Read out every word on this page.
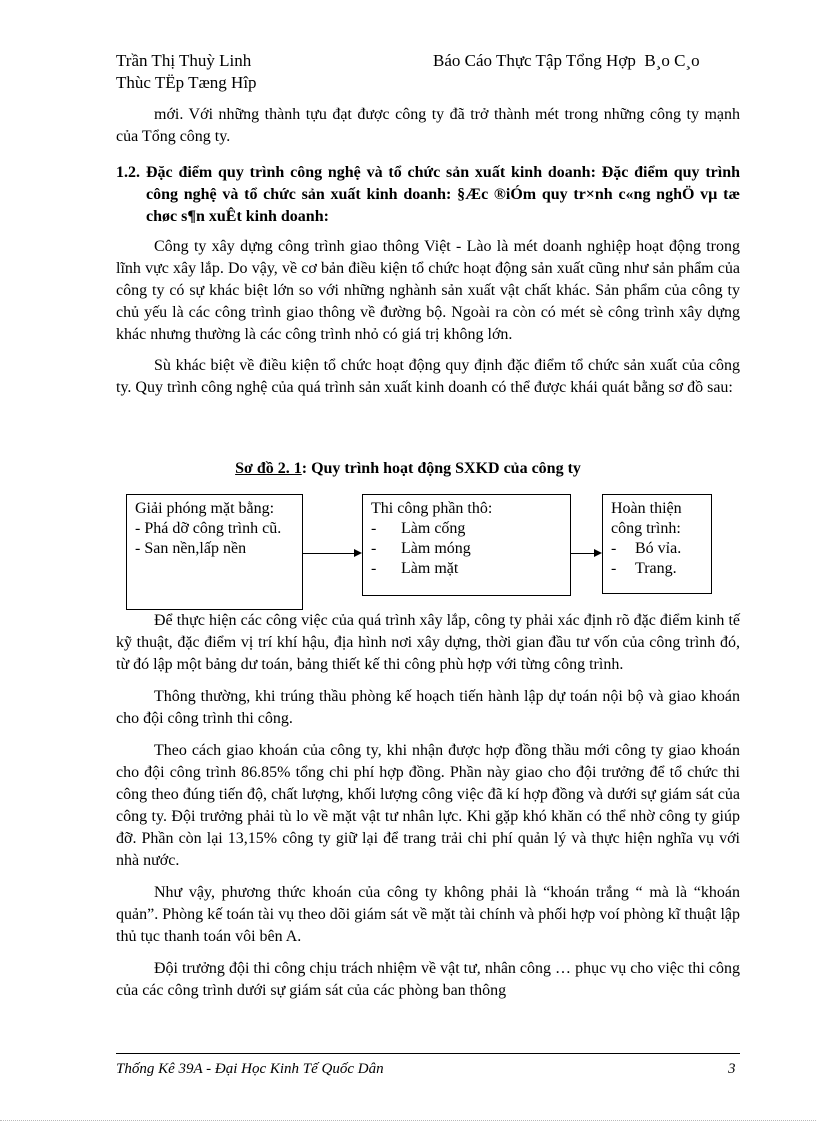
Trần Thị Thuỳ Linh	Báo Cáo Thực Tập Tổng Hợp B¸o C¸o
Thùc TËp Tæng Hîp

mới. Với những thành tựu đạt được công ty đã trở thành mét trong những công ty mạnh của Tổng công ty.

1.2. Đặc điểm quy trình công nghệ và tổ chức sản xuất kinh doanh: Đặc điểm quy trình công nghệ và tổ chức sản xuất kinh doanh: §Æc ®iÓm quy tr×nh c«ng nghÖ vµ tæ chøc s¶n xuÊt kinh doanh:

Công ty xây dựng công trình giao thông Việt - Lào là mét doanh nghiệp hoạt động trong lĩnh vực xây lắp. Do vậy, về cơ bản điều kiện tổ chức hoạt động sản xuất cũng như sản phẩm của công ty có sự khác biệt lớn so với những nghành sản xuất vật chất khác. Sản phẩm của công ty chủ yếu là các công trình giao thông về đường bộ. Ngoài ra còn có mét sè công trình xây dựng khác nhưng thường là các công trình nhỏ có giá trị không lớn.

Sù khác biệt về điều kiện tổ chức hoạt động quy định đặc điểm tổ chức sản xuất của công ty. Quy trình công nghệ của quá trình sản xuất kinh doanh có thể được khái quát bằng sơ đồ sau:

Sơ đồ 2. 1: Quy trình hoạt động SXKD của công ty
Giải phóng mặt bằng:
- Phá dỡ công trình cũ.
- San nền,lấp nền
Thi công phần thô:
- Làm cống
- Làm móng
- Làm mặt
Hoàn thiện công trình:
- Bó vỉa.
- Trang.

Để thực hiện các công việc của quá trình xây lắp, công ty phải xác định rõ đặc điểm kinh tế kỹ thuật, đặc điểm vị trí khí hậu, địa hình nơi xây dựng, thời gian đầu tư vốn của công trình đó, từ đó lập một bảng dư toán, bảng thiết kế thi công phù hợp với từng công trình.

Thông thường, khi trúng thầu phòng kế hoạch tiến hành lập dự toán nội bộ và giao khoán cho đội công trình thi công.

Theo cách giao khoán của công ty, khi nhận được hợp đồng thầu mới công ty giao khoán cho đội công trình 86.85% tổng chi phí hợp đồng. Phần này giao cho đội trưởng để tổ chức thi công theo đúng tiến độ, chất lượng, khối lượng công việc đã kí hợp đồng và dưới sự giám sát của công ty. Đội trưởng phải tù lo về mặt vật tư nhân lực. Khi gặp khó khăn có thể nhờ công ty giúp đỡ. Phần còn lại 13,15% công ty giữ lại để trang trải chi phí quản lý và thực hiện nghĩa vụ với nhà nước.

Như vậy, phương thức khoán của công ty không phải là “khoán trắng “ mà là “khoán quản”. Phòng kế toán tài vụ theo dõi giám sát về mặt tài chính và phối hợp voí phòng kĩ thuật lập thủ tục thanh toán vôi bên A.

Đội trưởng đội thi công chịu trách nhiệm về vật tư, nhân công … phục vụ cho việc thi công của các công trình dưới sự giám sát của các phòng ban thông

Thống Kê 39A - Đại Học Kinh Tế Quốc Dân	3
